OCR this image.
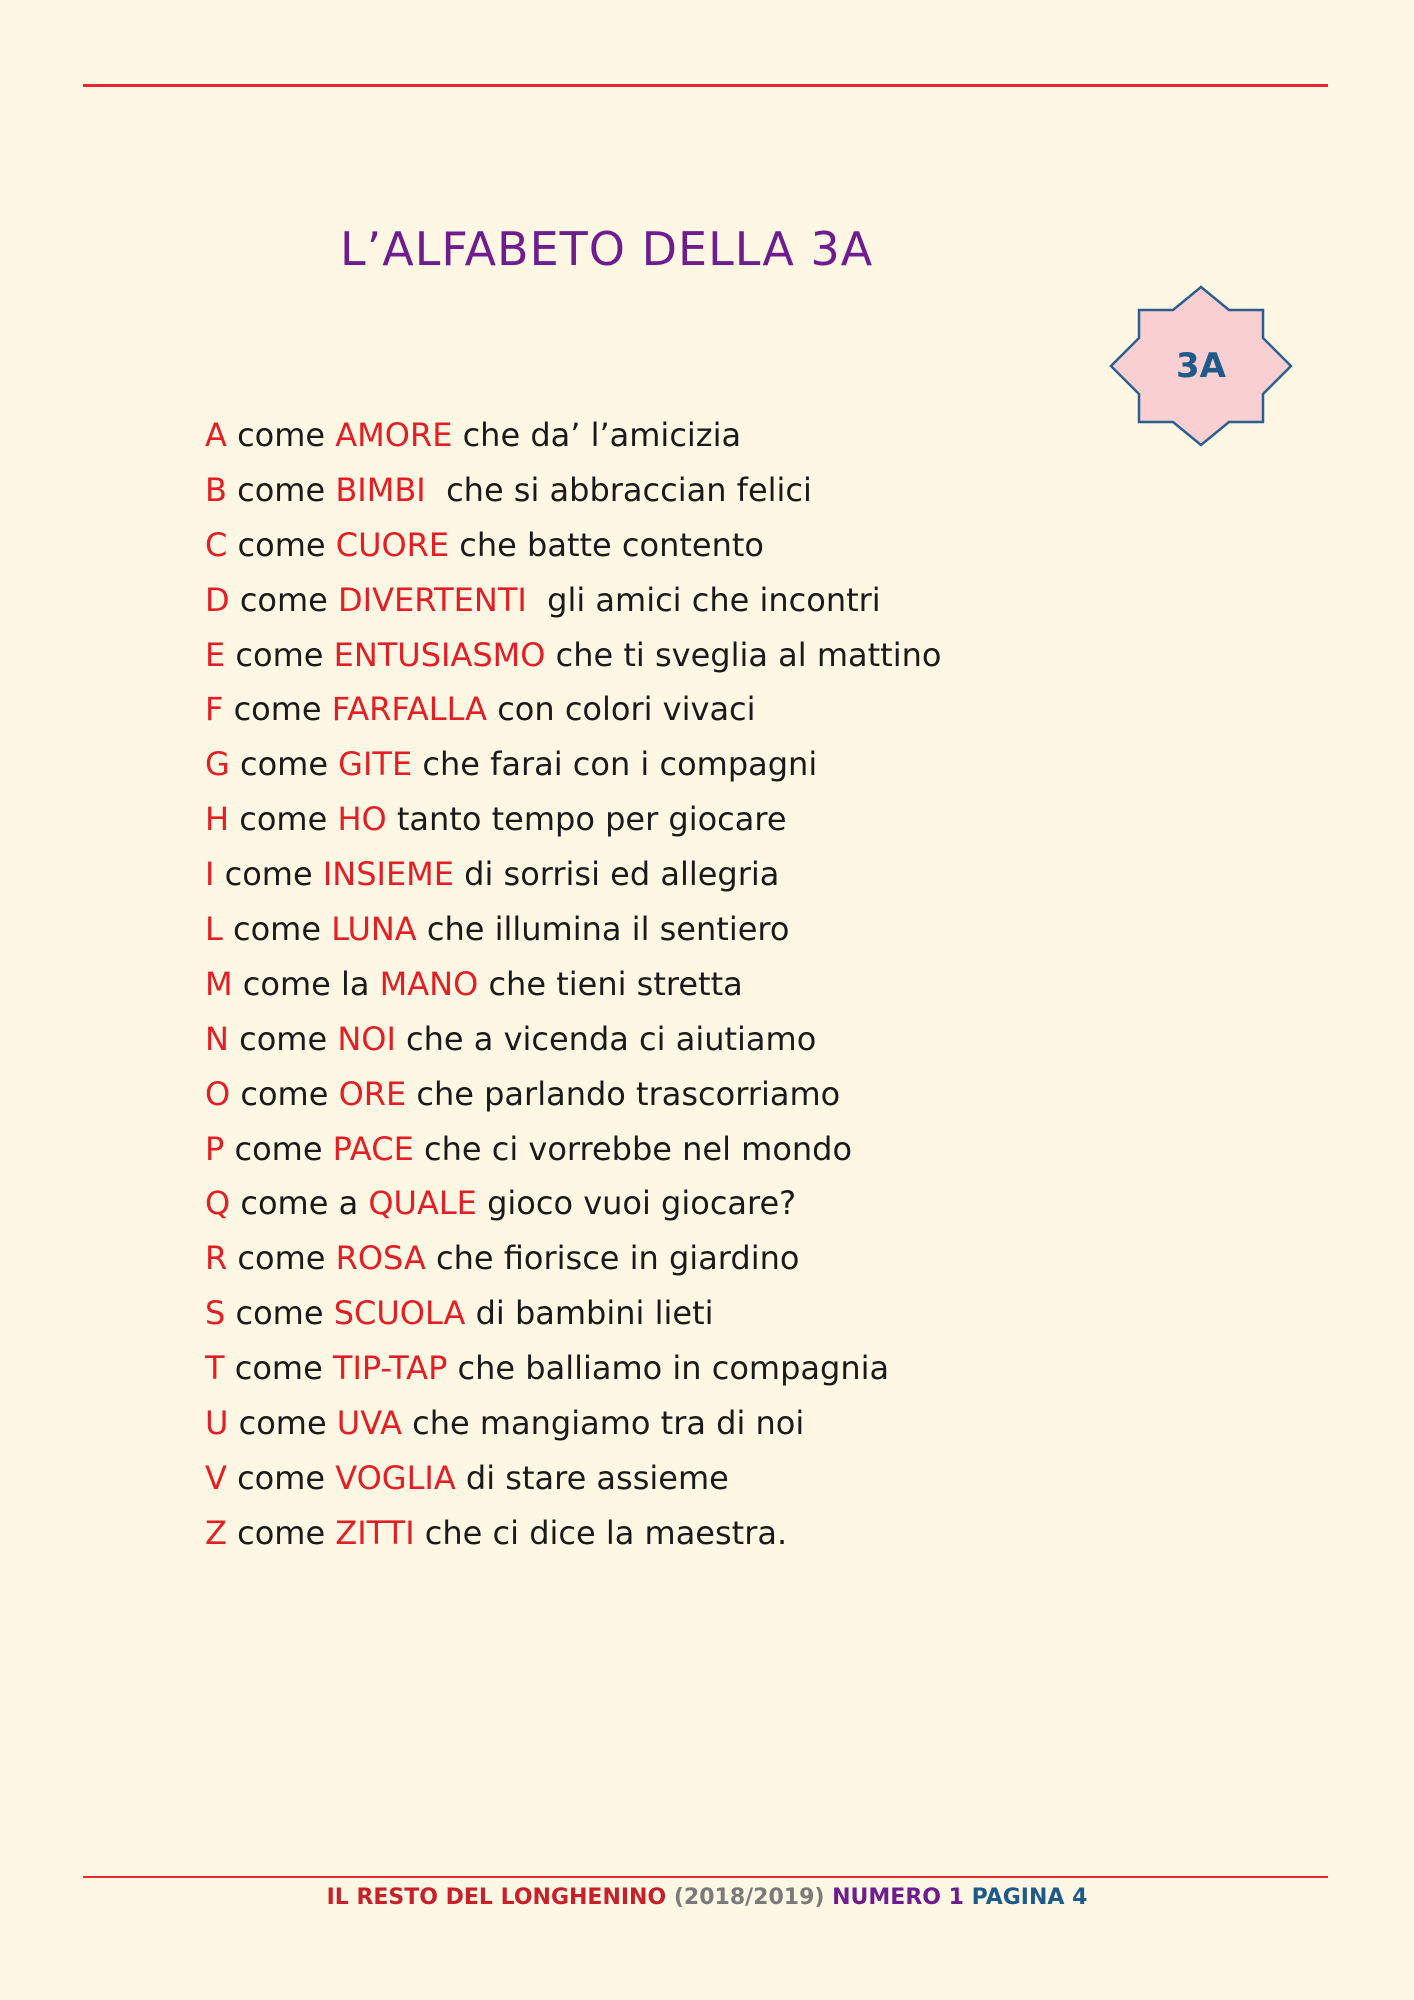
L’ALFABETO DELLA 3A
3A
A come AMORE che da’ l’amicizia
B come BIMBI  che si abbraccian felici
C come CUORE che batte contento
D come DIVERTENTI  gli amici che incontri
E come ENTUSIASMO che ti sveglia al mattino
F come FARFALLA con colori vivaci
G come GITE che farai con i compagni
H come HO tanto tempo per giocare
I come INSIEME di sorrisi ed allegria
L come LUNA che illumina il sentiero
M come la MANO che tieni stretta
N come NOI che a vicenda ci aiutiamo
O come ORE che parlando trascorriamo
P come PACE che ci vorrebbe nel mondo
Q come a QUALE gioco vuoi giocare?
R come ROSA che fiorisce in giardino
S come SCUOLA di bambini lieti
T come TIP-TAP che balliamo in compagnia
U come UVA che mangiamo tra di noi
V come VOGLIA di stare assieme
Z come ZITTI che ci dice la maestra.
IL RESTO DEL LONGHENINO (2018/2019) NUMERO 1 PAGINA 4
